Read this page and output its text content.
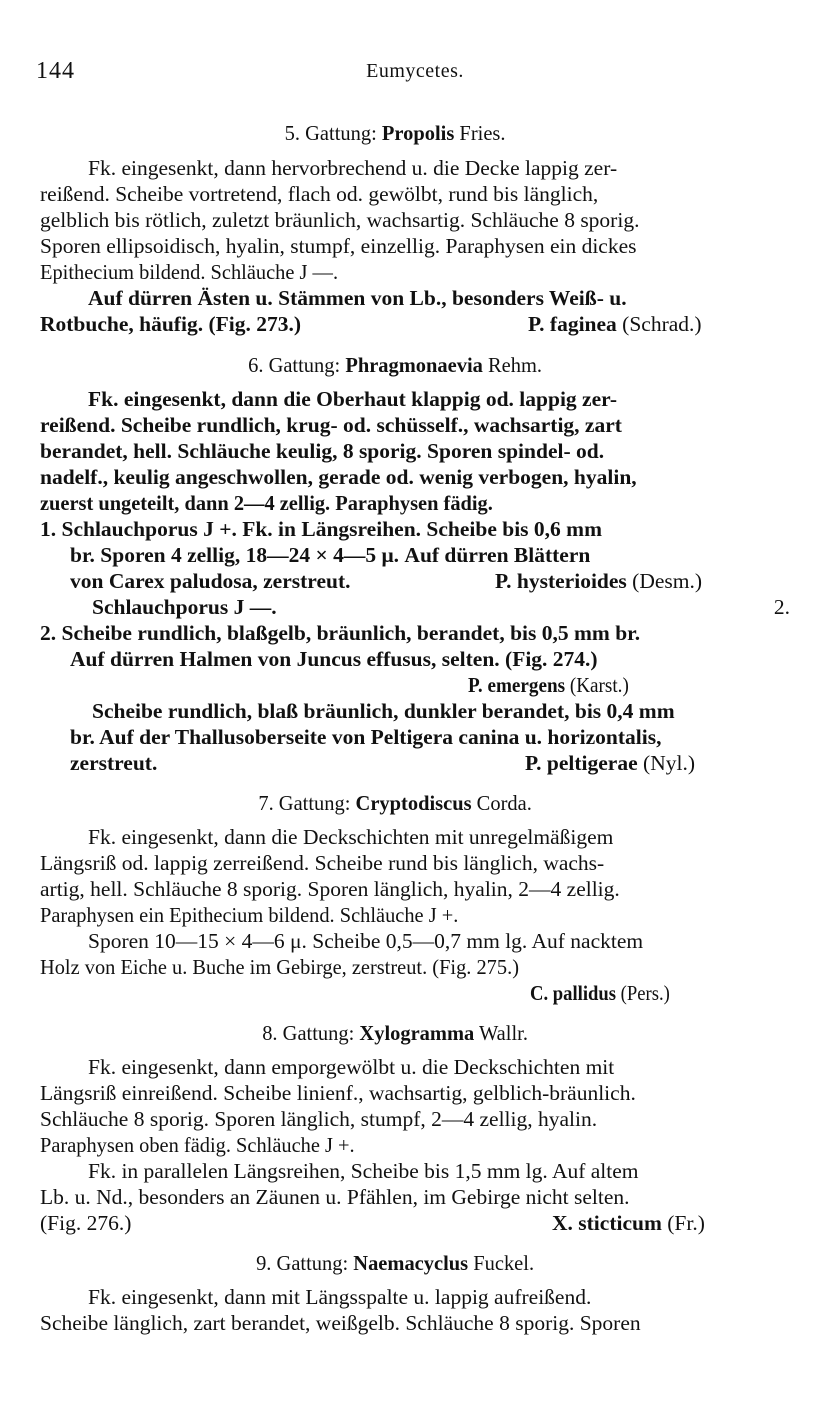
144	Eumycetes.
5. Gattung: Propolis Fries.
Fk. eingesenkt, dann hervorbrechend u. die Decke lappig zer-
reißend. Scheibe vortretend, flach od. gewölbt, rund bis länglich,
gelblich bis rötlich, zuletzt bräunlich, wachsartig. Schläuche 8 sporig.
Sporen ellipsoidisch, hyalin, stumpf, einzellig. Paraphysen ein dickes
Epithecium bildend. Schläuche J —.
Auf dürren Ästen u. Stämmen von Lb., besonders Weiß- u.
Rotbuche, häufig. (Fig. 273.)	P. faginea (Schrad.)
6. Gattung: Phragmonaevia Rehm.
Fk. eingesenkt, dann die Oberhaut klappig od. lappig zer-
reißend. Scheibe rundlich, krug- od. schüsself., wachsartig, zart
berandet, hell. Schläuche keulig, 8 sporig. Sporen spindel- od.
nadelf., keulig angeschwollen, gerade od. wenig verbogen, hyalin,
zuerst ungeteilt, dann 2—4 zellig. Paraphysen fädig.
1. Schlauchporus J +. Fk. in Längsreihen. Scheibe bis 0,6 mm
br. Sporen 4 zellig, 18—24 × 4—5 μ. Auf dürren Blättern
von Carex paludosa, zerstreut.	P. hysterioides (Desm.)
Schlauchporus J —.	2.
2. Scheibe rundlich, blaßgelb, bräunlich, berandet, bis 0,5 mm br.
Auf dürren Halmen von Juncus effusus, selten. (Fig. 274.)
P. emergens (Karst.)
Scheibe rundlich, blaß bräunlich, dunkler berandet, bis 0,4 mm
br. Auf der Thallusoberseite von Peltigera canina u. horizontalis,
zerstreut.	P. peltigerae (Nyl.)
7. Gattung: Cryptodiscus Corda.
Fk. eingesenkt, dann die Deckschichten mit unregelmäßigem
Längsriß od. lappig zerreißend. Scheibe rund bis länglich, wachs-
artig, hell. Schläuche 8 sporig. Sporen länglich, hyalin, 2—4 zellig.
Paraphysen ein Epithecium bildend. Schläuche J +.
Sporen 10—15 × 4—6 μ. Scheibe 0,5—0,7 mm lg. Auf nacktem
Holz von Eiche u. Buche im Gebirge, zerstreut. (Fig. 275.)
C. pallidus (Pers.)
8. Gattung: Xylogramma Wallr.
Fk. eingesenkt, dann emporgewölbt u. die Deckschichten mit
Längsriß einreißend. Scheibe linienf., wachsartig, gelblich-bräunlich.
Schläuche 8 sporig. Sporen länglich, stumpf, 2—4 zellig, hyalin.
Paraphysen oben fädig. Schläuche J +.
Fk. in parallelen Längsreihen, Scheibe bis 1,5 mm lg. Auf altem
Lb. u. Nd., besonders an Zäunen u. Pfählen, im Gebirge nicht selten.
(Fig. 276.)	X. sticticum (Fr.)
9. Gattung: Naemacyclus Fuckel.
Fk. eingesenkt, dann mit Längsspalte u. lappig aufreißend.
Scheibe länglich, zart berandet, weißgelb. Schläuche 8 sporig. Sporen
